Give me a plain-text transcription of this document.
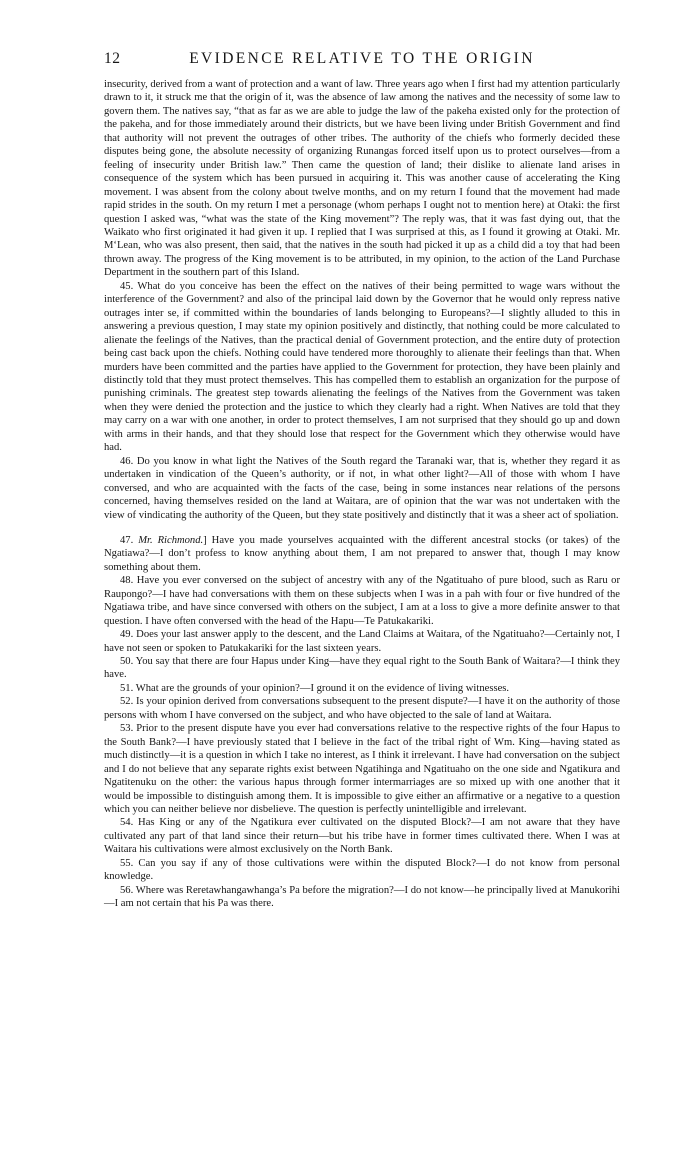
12	EVIDENCE RELATIVE TO THE ORIGIN

insecurity, derived from a want of protection and a want of law. Three years ago when I first had my attention particularly drawn to it, it struck me that the origin of it, was the absence of law among the natives and the necessity of some law to govern them. The natives say, “that as far as we are able to judge the law of the pakeha existed only for the protection of the pakeha, and for those immediately around their districts, but we have been living under British Government and find that authority will not prevent the outrages of other tribes. The authority of the chiefs who formerly decided these disputes being gone, the absolute necessity of organizing Runangas forced itself upon us to protect ourselves—from a feeling of insecurity under British law.” Then came the question of land; their dislike to alienate land arises in consequence of the system which has been pursued in acquiring it. This was another cause of accelerating the King movement. I was absent from the colony about twelve months, and on my return I found that the movement had made rapid strides in the south. On my return I met a personage (whom perhaps I ought not to mention here) at Otaki: the first question I asked was, “what was the state of the King movement”? The reply was, that it was fast dying out, that the Waikato who first originated it had given it up. I replied that I was surprised at this, as I found it growing at Otaki. Mr. M‘Lean, who was also present, then said, that the natives in the south had picked it up as a child did a toy that had been thrown away. The progress of the King movement is to be attributed, in my opinion, to the action of the Land Purchase Department in the southern part of this Island.

45. What do you conceive has been the effect on the natives of their being permitted to wage wars without the interference of the Government? and also of the principal laid down by the Governor that he would only repress native outrages inter se, if committed within the boundaries of lands belonging to Europeans?—I slightly alluded to this in answering a previous question, I may state my opinion positively and distinctly, that nothing could be more calculated to alienate the feelings of the Natives, than the practical denial of Government protection, and the entire duty of protection being cast back upon the chiefs. Nothing could have tendered more thoroughly to alienate their feelings than that. When murders have been committed and the parties have applied to the Government for protection, they have been plainly and distinctly told that they must protect themselves. This has compelled them to establish an organization for the purpose of punishing criminals. The greatest step towards alienating the feelings of the Natives from the Government was taken when they were denied the protection and the justice to which they clearly had a right. When Natives are told that they may carry on a war with one another, in order to protect themselves, I am not surprised that they should go up and down with arms in their hands, and that they should lose that respect for the Government which they otherwise would have had.

46. Do you know in what light the Natives of the South regard the Taranaki war, that is, whether they regard it as undertaken in vindication of the Queen’s authority, or if not, in what other light?—All of those with whom I have conversed, and who are acquainted with the facts of the case, being in some instances near relations of the persons concerned, having themselves resided on the land at Waitara, are of opinion that the war was not undertaken with the view of vindicating the authority of the Queen, but they state positively and distinctly that it was a sheer act of spoliation.

47. Mr. Richmond.] Have you made yourselves acquainted with the different ancestral stocks (or takes) of the Ngatiawa?—I don’t profess to know anything about them, I am not prepared to answer that, though I may know something about them.

48. Have you ever conversed on the subject of ancestry with any of the Ngatituaho of pure blood, such as Raru or Raupongo?—I have had conversations with them on these subjects when I was in a pah with four or five hundred of the Ngatiawa tribe, and have since conversed with others on the subject, I am at a loss to give a more definite answer to that question. I have often conversed with the head of the Hapu—Te Patukakariki.

49. Does your last answer apply to the descent, and the Land Claims at Waitara, of the Ngatituaho?—Certainly not, I have not seen or spoken to Patukakariki for the last sixteen years.

50. You say that there are four Hapus under King—have they equal right to the South Bank of Waitara?—I think they have.

51. What are the grounds of your opinion?—I ground it on the evidence of living witnesses.

52. Is your opinion derived from conversations subsequent to the present dispute?—I have it on the authority of those persons with whom I have conversed on the subject, and who have objected to the sale of land at Waitara.

53. Prior to the present dispute have you ever had conversations relative to the respective rights of the four Hapus to the South Bank?—I have previously stated that I believe in the fact of the tribal right of Wm. King—having stated as much distinctly—it is a question in which I take no interest, as I think it irrelevant. I have had conversation on the subject and I do not believe that any separate rights exist between Ngatihinga and Ngatituaho on the one side and Ngatikura and Ngatitenuku on the other: the various hapus through former intermarriages are so mixed up with one another that it would be impossible to distinguish among them. It is impossible to give either an affirmative or a negative to a question which you can neither believe nor disbelieve. The question is perfectly unintelligible and irrelevant.

54. Has King or any of the Ngatikura ever cultivated on the disputed Block?—I am not aware that they have cultivated any part of that land since their return—but his tribe have in former times cultivated there. When I was at Waitara his cultivations were almost exclusively on the North Bank.

55. Can you say if any of those cultivations were within the disputed Block?—I do not know from personal knowledge.

56. Where was Reretawhangawhanga’s Pa before the migration?—I do not know—he principally lived at Manukorihi—I am not certain that his Pa was there.
